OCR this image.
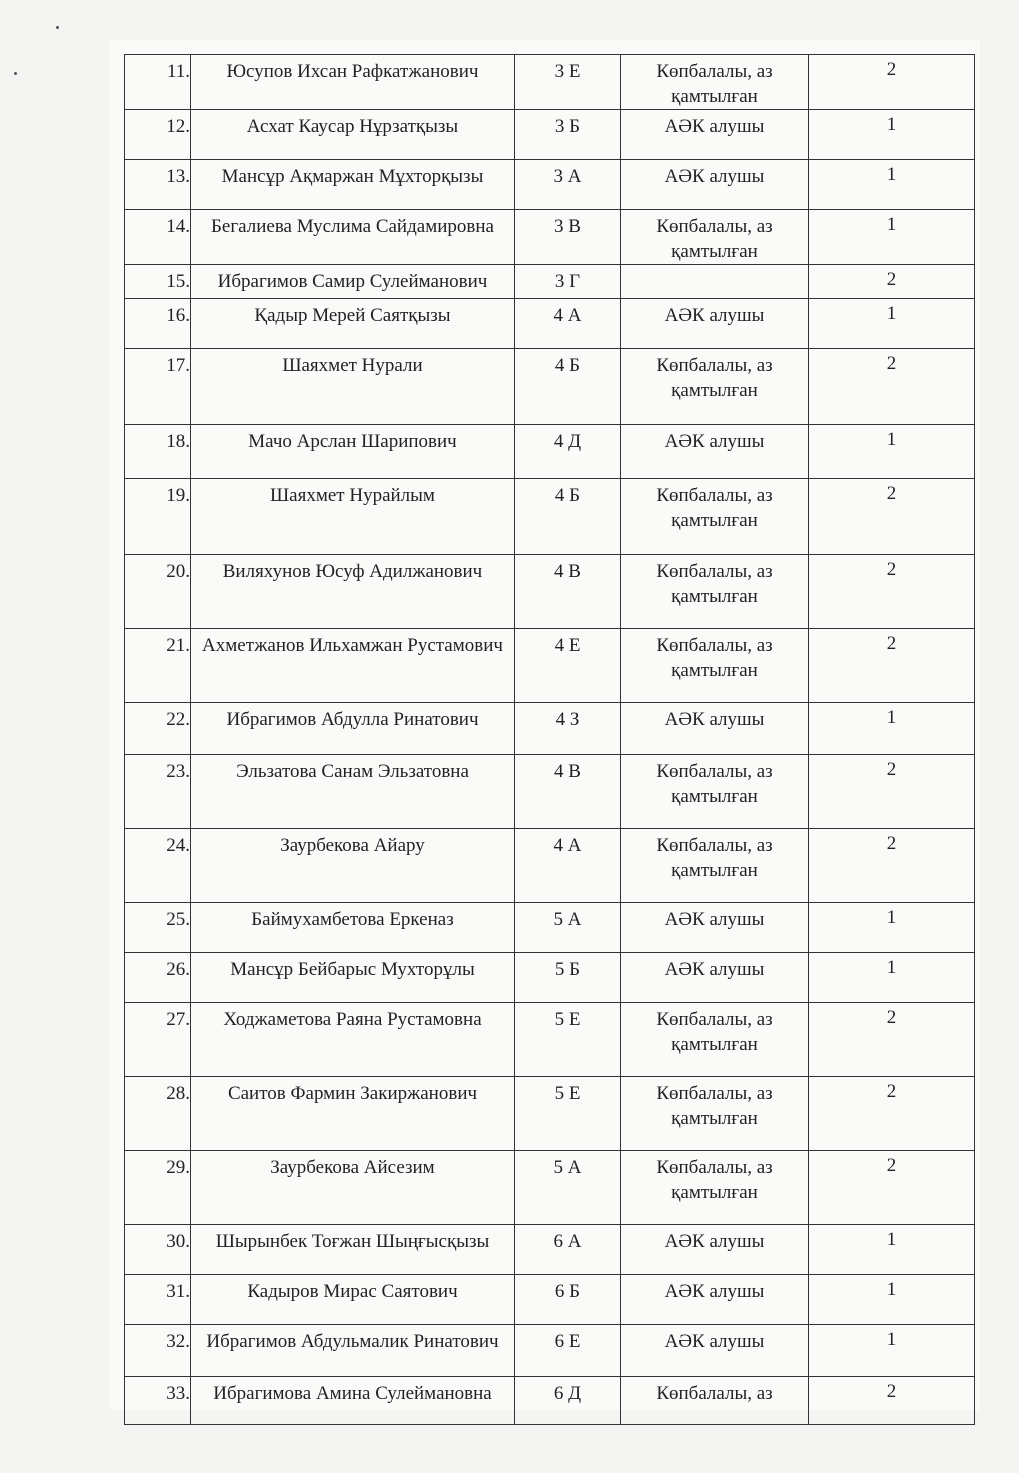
11.	Юсупов Ихсан Рафкатжанович	3 Е	Көпбалалы, аз қамтылған	2
12.	Асхат Каусар Нұрзатқызы	3 Б	АӘК алушы	1
13.	Мансұр Ақмаржан Мұхторқызы	3 А	АӘК алушы	1
14.	Бегалиева Муслима Сайдамировна	3 В	Көпбалалы, аз қамтылған	1
15.	Ибрагимов Самир Сулейманович	3 Г		2
16.	Қадыр Мерей Саятқызы	4 А	АӘК алушы	1
17.	Шаяхмет Нурали	4 Б	Көпбалалы, аз қамтылған	2
18.	Мачо Арслан Шарипович	4 Д	АӘК алушы	1
19.	Шаяхмет Нурайлым	4 Б	Көпбалалы, аз қамтылған	2
20.	Виляхунов Юсуф Адилжанович	4 В	Көпбалалы, аз қамтылған	2
21.	Ахметжанов Ильхамжан Рустамович	4 Е	Көпбалалы, аз қамтылған	2
22.	Ибрагимов Абдулла Ринатович	4 З	АӘК алушы	1
23.	Эльзатова Санам Эльзатовна	4 В	Көпбалалы, аз қамтылған	2
24.	Заурбекова Айару	4 А	Көпбалалы, аз қамтылған	2
25.	Баймухамбетова Еркеназ	5 А	АӘК алушы	1
26.	Мансұр Бейбарыс Мухторұлы	5 Б	АӘК алушы	1
27.	Ходжаметова Раяна Рустамовна	5 Е	Көпбалалы, аз қамтылған	2
28.	Саитов Фармин Закиржанович	5 Е	Көпбалалы, аз қамтылған	2
29.	Заурбекова Айсезим	5 А	Көпбалалы, аз қамтылған	2
30.	Шырынбек Тоғжан Шыңғысқызы	6 А	АӘК алушы	1
31.	Кадыров Мирас Саятович	6 Б	АӘК алушы	1
32.	Ибрагимов Абдульмалик Ринатович	6 Е	АӘК алушы	1
33.	Ибрагимова Амина Сулеймановна	6 Д	Көпбалалы, аз	2
